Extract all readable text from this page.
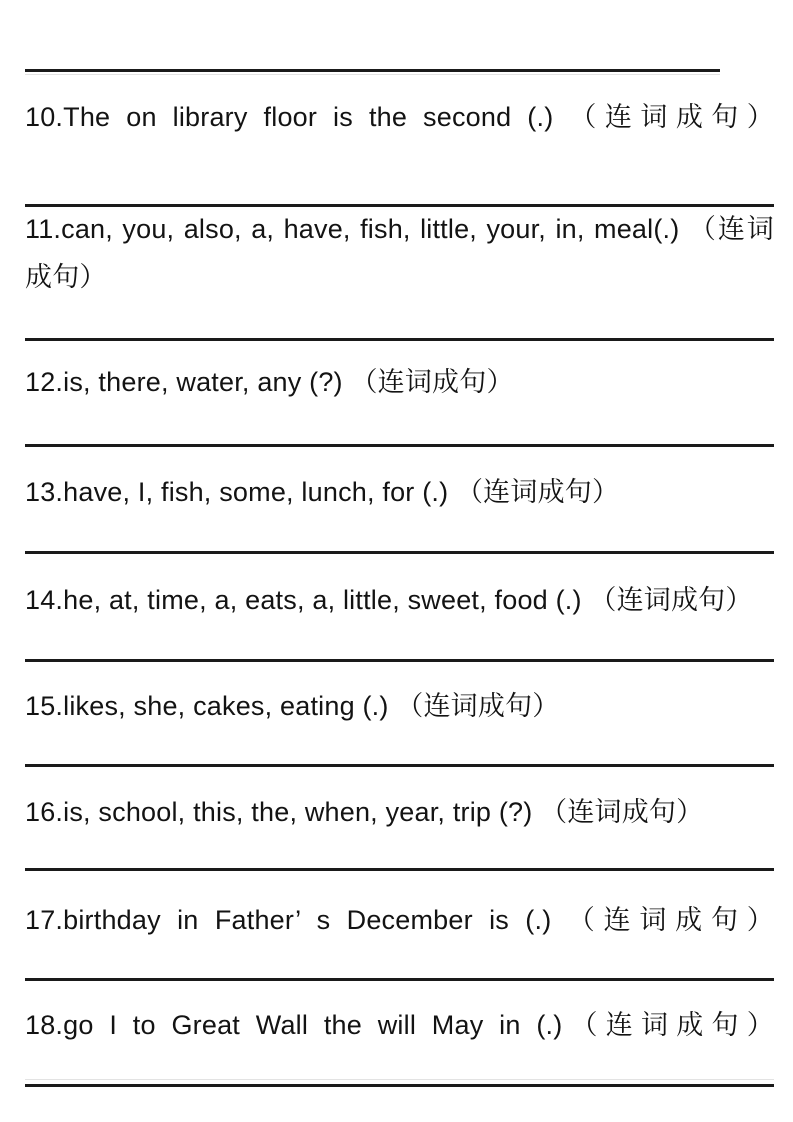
10.The on library floor is the second (.) （连词成句）
11.can, you, also, a, have, fish, little, your, in, meal(.) （连词
成句）
12.is, there, water, any (?) （连词成句）
13.have, I, fish, some, lunch, for (.) （连词成句）
14.he, at, time, a, eats, a, little, sweet, food (.) （连词成句）
15.likes, she, cakes, eating (.) （连词成句）
16.is, school, this, the, when, year, trip (?) （连词成句）
17.birthday in Father’ s December is (.) （连词成句）
18.go I to Great Wall the will May in (.)（连词成句）
